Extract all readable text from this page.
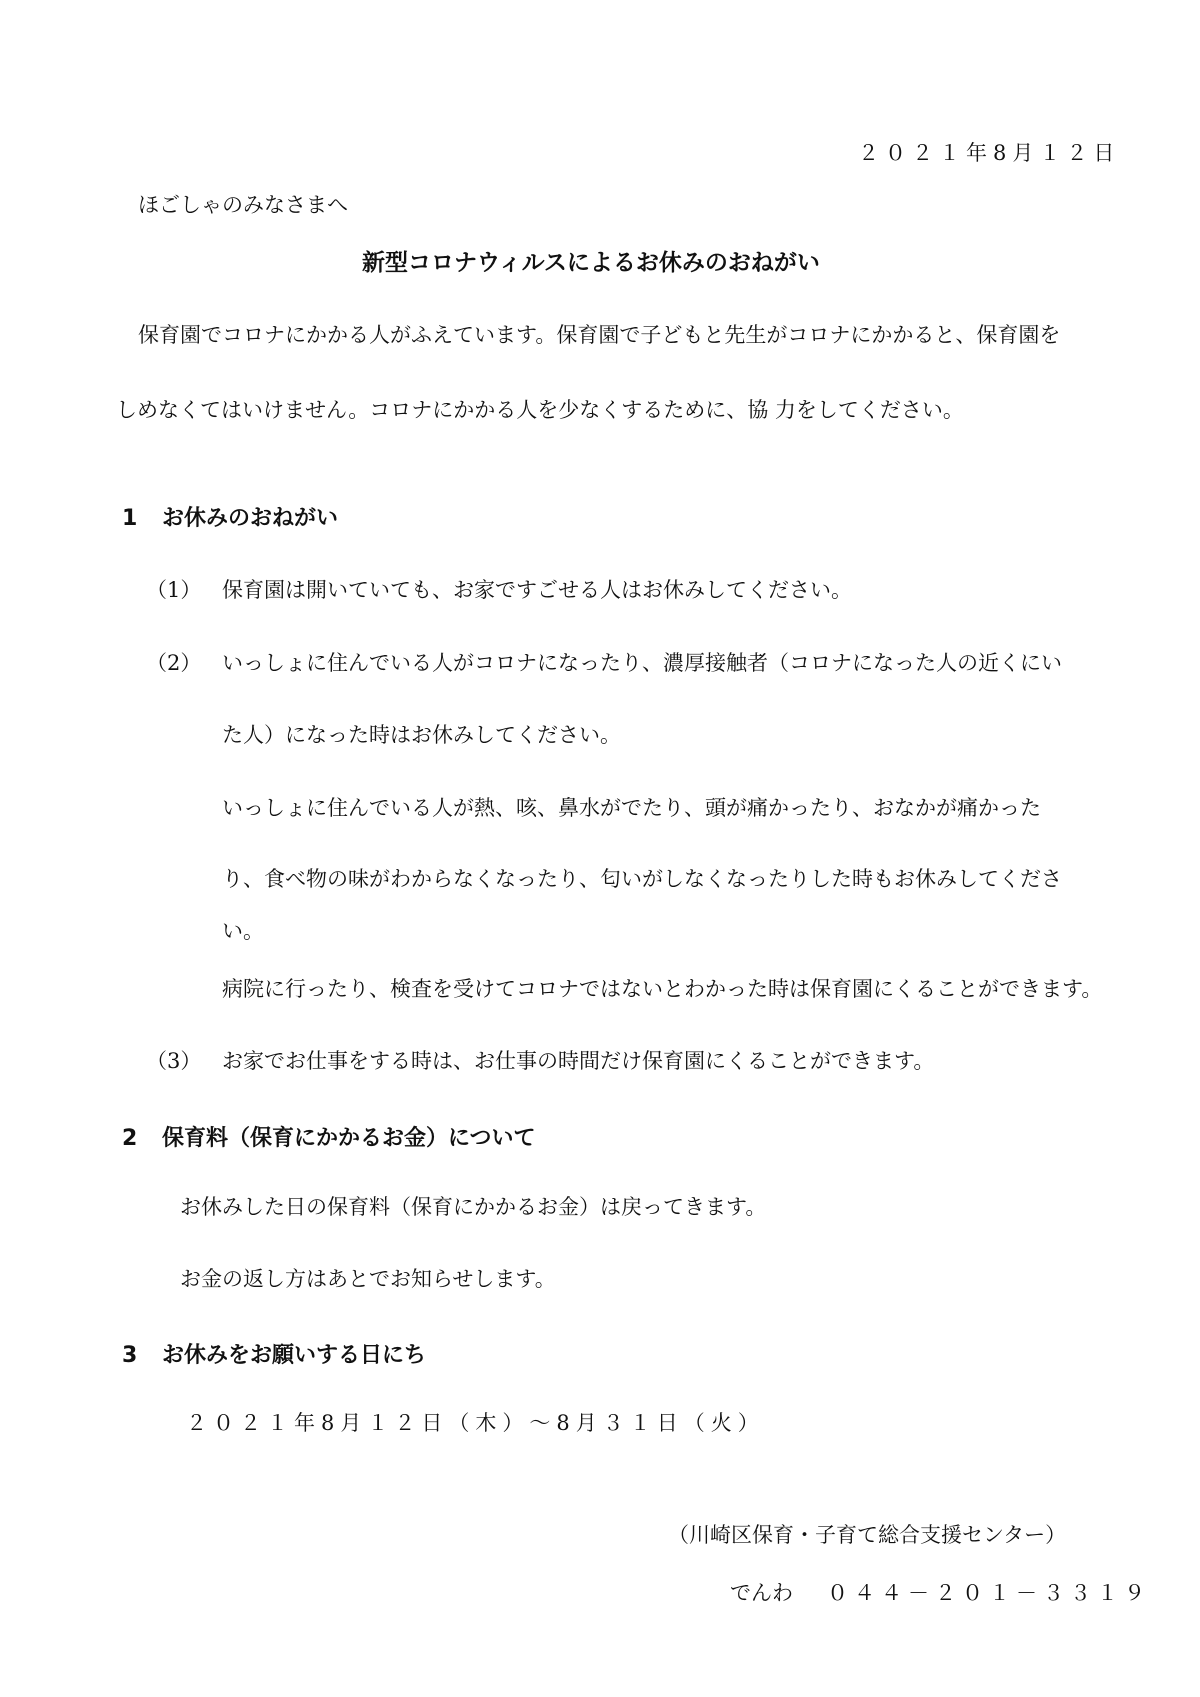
２０２１年8月１２日
ほごしゃのみなさまへ
新型コロナウィルスによるお休みのおねがい
保育園でコロナにかかる人がふえています。保育園で子どもと先生がコロナにかかると、保育園を
しめなくてはいけません。コロナにかかる人を少なくするために、協 力をしてください。
1 お休みのおねがい
（1） 保育園は開いていても、お家ですごせる人はお休みしてください。
（2） いっしょに住んでいる人がコロナになったり、濃厚接触者（コロナになった人の近くにい
た人）になった時はお休みしてください。
いっしょに住んでいる人が熱、咳、鼻水がでたり、頭が痛かったり、おなかが痛かった
り、食べ物の味がわからなくなったり、匂いがしなくなったりした時もお休みしてくださ
い。
病院に行ったり、検査を受けてコロナではないとわかった時は保育園にくることができます。
（3） お家でお仕事をする時は、お仕事の時間だけ保育園にくることができます。
2 保育料（保育にかかるお金）について
お休みした日の保育料（保育にかかるお金）は戻ってきます。
お金の返し方はあとでお知らせします。
3 お休みをお願いする日にち
２０２１年8月１２日（木）～8月３１日（火）
（川崎区保育・子育て総合支援センター）
でんわ ０４４－２０１－３３１９
